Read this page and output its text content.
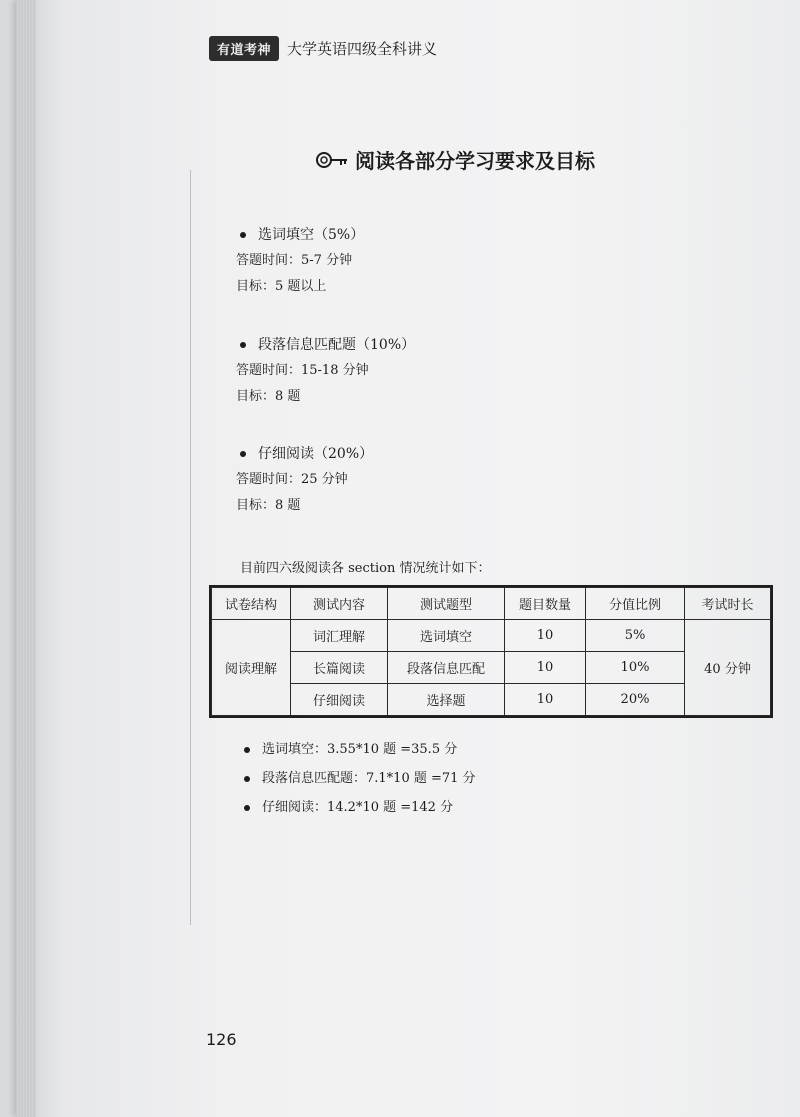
有道考神	大学英语四级全科讲义
阅读各部分学习要求及目标
选词填空（5%）
答题时间：5-7 分钟
目标：5 题以上
段落信息匹配题（10%）
答题时间：15-18 分钟
目标：8 题
仔细阅读（20%）
答题时间：25 分钟
目标：8 题
目前四六级阅读各 section 情况统计如下：
试卷结构	测试内容	测试题型	题目数量	分值比例	考试时长
阅读理解	词汇理解	选词填空	10	5%	40 分钟
	长篇阅读	段落信息匹配	10	10%	
	仔细阅读	选择题	10	20%	
选词填空：3.55*10 题 =35.5 分
段落信息匹配题：7.1*10 题 =71 分
仔细阅读：14.2*10 题 =142 分
126
